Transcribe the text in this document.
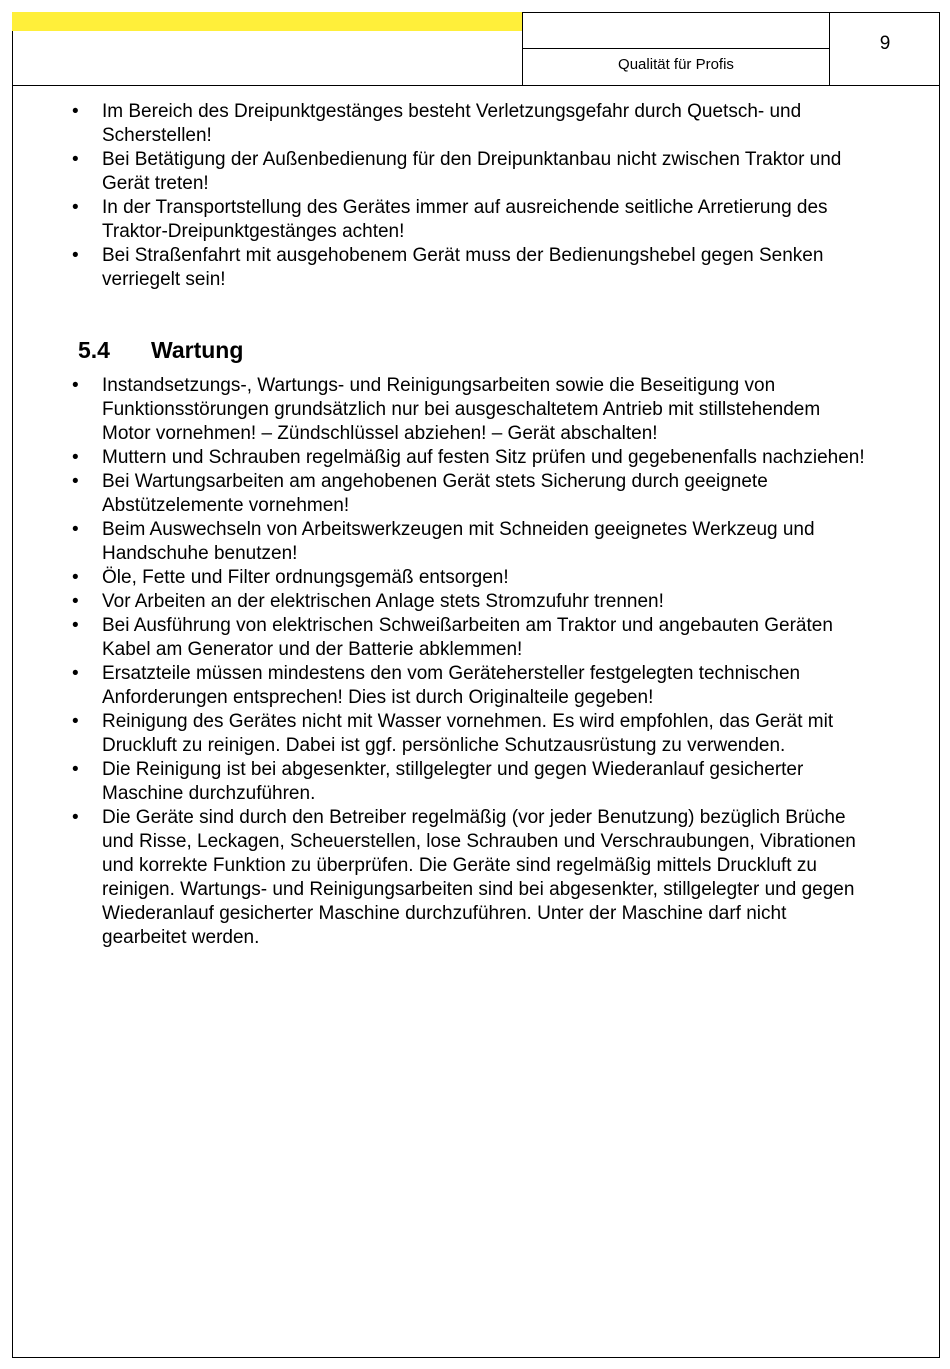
Qualität für Profis
9
• Im Bereich des Dreipunktgestänges besteht Verletzungsgefahr durch Quetsch- und Scherstellen!
• Bei Betätigung der Außenbedienung für den Dreipunktanbau nicht zwischen Traktor und Gerät treten!
• In der Transportstellung des Gerätes immer auf ausreichende seitliche Arretierung des Traktor-Dreipunktgestänges achten!
• Bei Straßenfahrt mit ausgehobenem Gerät muss der Bedienungshebel gegen Senken verriegelt sein!
5.4 Wartung
• Instandsetzungs-, Wartungs- und Reinigungsarbeiten sowie die Beseitigung von Funktionsstörungen grundsätzlich nur bei ausgeschaltetem Antrieb mit stillstehendem Motor vornehmen! – Zündschlüssel abziehen! – Gerät abschalten!
• Muttern und Schrauben regelmäßig auf festen Sitz prüfen und gegebenenfalls nachziehen!
• Bei Wartungsarbeiten am angehobenen Gerät stets Sicherung durch geeignete Abstützelemente vornehmen!
• Beim Auswechseln von Arbeitswerkzeugen mit Schneiden geeignetes Werkzeug und Handschuhe benutzen!
• Öle, Fette und Filter ordnungsgemäß entsorgen!
• Vor Arbeiten an der elektrischen Anlage stets Stromzufuhr trennen!
• Bei Ausführung von elektrischen Schweißarbeiten am Traktor und angebauten Geräten Kabel am Generator und der Batterie abklemmen!
• Ersatzteile müssen mindestens den vom Gerätehersteller festgelegten technischen Anforderungen entsprechen! Dies ist durch Originalteile gegeben!
• Reinigung des Gerätes nicht mit Wasser vornehmen. Es wird empfohlen, das Gerät mit Druckluft zu reinigen. Dabei ist ggf. persönliche Schutzausrüstung zu verwenden.
• Die Reinigung ist bei abgesenkter, stillgelegter und gegen Wiederanlauf gesicherter Maschine durchzuführen.
• Die Geräte sind durch den Betreiber regelmäßig (vor jeder Benutzung) bezüglich Brüche und Risse, Leckagen, Scheuerstellen, lose Schrauben und Verschraubungen, Vibrationen und korrekte Funktion zu überprüfen. Die Geräte sind regelmäßig mittels Druckluft zu reinigen. Wartungs- und Reinigungsarbeiten sind bei abgesenkter, stillgelegter und gegen Wiederanlauf gesicherter Maschine durchzuführen. Unter der Maschine darf nicht gearbeitet werden.
